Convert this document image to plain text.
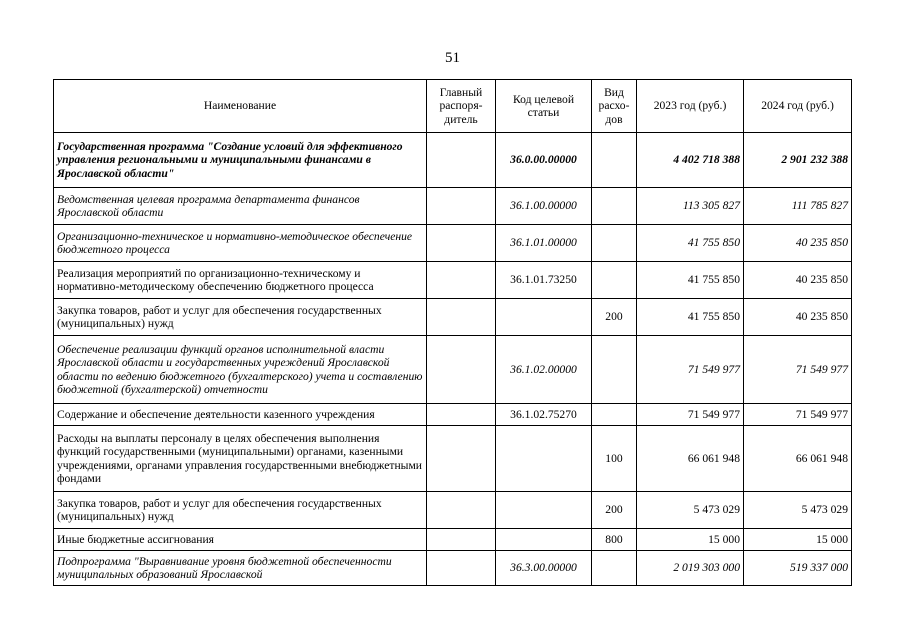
51
Наименование	Главный распоря-дитель	Код целевой статьи	Вид расхо-дов	2023 год (руб.)	2024 год (руб.)
Государственная программа "Создание условий для эффективного управления региональными и муниципальными финансами в Ярославской области"		36.0.00.00000		4 402 718 388	2 901 232 388
Ведомственная целевая программа департамента финансов Ярославской области		36.1.00.00000		113 305 827	111 785 827
Организационно-техническое и нормативно-методическое обеспечение бюджетного процесса		36.1.01.00000		41 755 850	40 235 850
Реализация мероприятий по организационно-техническому и нормативно-методическому обеспечению бюджетного процесса		36.1.01.73250		41 755 850	40 235 850
Закупка товаров, работ и услуг для обеспечения государственных (муниципальных) нужд			200	41 755 850	40 235 850
Обеспечение реализации функций органов исполнительной власти Ярославской области и государственных учреждений Ярославской области по ведению бюджетного (бухгалтерского) учета и составлению бюджетной (бухгалтерской) отчетности		36.1.02.00000		71 549 977	71 549 977
Содержание и обеспечение деятельности казенного учреждения		36.1.02.75270		71 549 977	71 549 977
Расходы на выплаты персоналу в целях обеспечения выполнения функций государственными (муниципальными) органами, казенными учреждениями, органами управления государственными внебюджетными фондами			100	66 061 948	66 061 948
Закупка товаров, работ и услуг для обеспечения государственных (муниципальных) нужд			200	5 473 029	5 473 029
Иные бюджетные ассигнования			800	15 000	15 000
Подпрограмма "Выравнивание уровня бюджетной обеспеченности муниципальных образований Ярославской		36.3.00.00000		2 019 303 000	519 337 000
